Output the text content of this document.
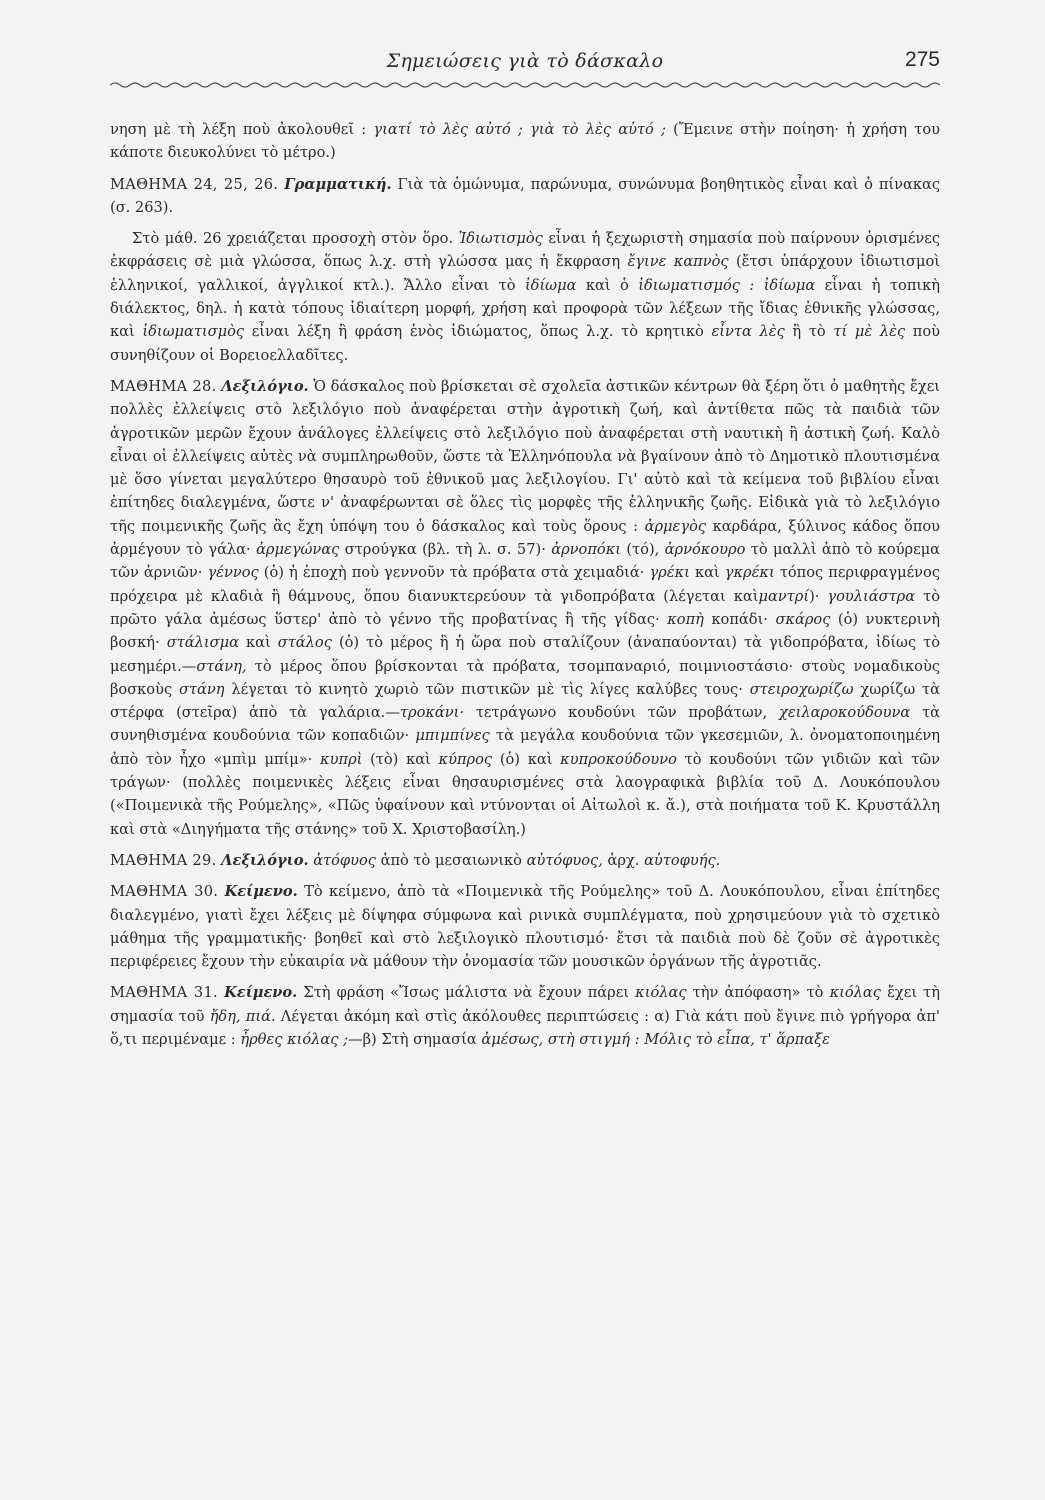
Σημειώσεις γιὰ τὸ δάσκαλο	275

νηση μὲ τὴ λέξη ποὺ ἀκολουθεῖ : γιατί τὸ λὲς αὐτό ; γιὰ τὸ λὲς αὐτό ; (Ἔμεινε στὴν ποίηση· ἡ χρήση του κάποτε διευκολύνει τὸ μέτρο.)

ΜΑΘΗΜΑ 24, 25, 26. Γραμματική. Γιὰ τὰ ὁμώνυμα, παρώνυμα, συνώνυμα βοηθητικὸς εἶναι καὶ ὁ πίνακας (σ. 263).

Στὸ μάθ. 26 χρειάζεται προσοχὴ στὸν ὅρο. Ἰδιωτισμὸς εἶναι ἡ ξεχωριστὴ σημασία ποὺ παίρνουν ὁρισμένες ἐκφράσεις σὲ μιὰ γλώσσα, ὅπως λ.χ. στὴ γλώσσα μας ἡ ἔκφραση ἔγινε καπνὸς (ἔτσι ὑπάρχουν ἰδιωτισμοὶ ἑλληνικοί, γαλλικοί, ἀγγλικοί κτλ.). Ἄλλο εἶναι τὸ ἰδίωμα καὶ ὁ ἰδιωματισμός : ἰδίωμα εἶναι ἡ τοπικὴ διάλεκτος, δηλ. ἡ κατὰ τόπους ἰδιαίτερη μορφή, χρήση καὶ προφορὰ τῶν λέξεων τῆς ἴδιας ἐθνικῆς γλώσσας, καὶ ἰδιωματισμὸς εἶναι λέξη ἢ φράση ἑνὸς ἰδιώματος, ὅπως λ.χ. τὸ κρητικὸ εἶντα λὲς ἢ τὸ τί μὲ λὲς ποὺ συνηθίζουν οἱ Βορειοελλαδῖτες.

ΜΑΘΗΜΑ 28. Λεξιλόγιο. Ὁ δάσκαλος ποὺ βρίσκεται σὲ σχολεῖα ἀστικῶν κέντρων θὰ ξέρη ὅτι ὁ μαθητὴς ἔχει πολλὲς ἐλλείψεις στὸ λεξιλόγιο ποὺ ἀναφέρεται στὴν ἀγροτικὴ ζωή, καὶ ἀντίθετα πῶς τὰ παιδιὰ τῶν ἀγροτικῶν μερῶν ἔχουν ἀνάλογες ἐλλείψεις στὸ λεξιλόγιο ποὺ ἀναφέρεται στὴ ναυτικὴ ἢ ἀστικὴ ζωή. Καλὸ εἶναι οἱ ἐλλείψεις αὐτὲς νὰ συμπληρωθοῦν, ὥστε τὰ Ἑλληνόπουλα νὰ βγαίνουν ἀπὸ τὸ Δημοτικὸ πλουτισμένα μὲ ὅσο γίνεται μεγαλύτερο θησαυρὸ τοῦ ἐθνικοῦ μας λεξιλογίου. Γι' αὐτὸ καὶ τὰ κείμενα τοῦ βιβλίου εἶναι ἐπίτηδες διαλεγμένα, ὥστε ν' ἀναφέρωνται σὲ ὅλες τὶς μορφὲς τῆς ἑλληνικῆς ζωῆς. Εἰδικὰ γιὰ τὸ λεξιλόγιο τῆς ποιμενικῆς ζωῆς ἂς ἔχη ὑπόψη του ὁ δάσκαλος καὶ τοὺς ὅρους : ἀρμεγὸς καρδάρα, ξύλινος κάδος ὅπου ἀρμέγουν τὸ γάλα· ἀρμεγώνας στρούγκα (βλ. τὴ λ. σ. 57)· ἀρνοπόκι (τό), ἀρνόκουρο τὸ μαλλὶ ἀπὸ τὸ κούρεμα τῶν ἀρνιῶν· γέννος (ὁ) ἡ ἐποχὴ ποὺ γεννοῦν τὰ πρόβατα στὰ χειμαδιά· γρέκι καὶ γκρέκι τόπος περιφραγμένος πρόχειρα μὲ κλαδιὰ ἢ θάμνους, ὅπου διανυκτερεύουν τὰ γιδοπρόβατα (λέγεται καὶμαντρί)· γουλιάστρα τὸ πρῶτο γάλα ἀμέσως ὕστερ' ἀπὸ τὸ γέννο τῆς προβατίνας ἢ τῆς γίδας· κοπὴ κοπάδι· σκάρος (ὁ) νυκτερινὴ βοσκή· στάλισμα καὶ στάλος (ὁ) τὸ μέρος ἢ ἡ ὥρα ποὺ σταλίζουν (ἀναπαύονται) τὰ γιδοπρόβατα, ἰδίως τὸ μεσημέρι.—στάνη, τὸ μέρος ὅπου βρίσκονται τὰ πρόβατα, τσομπαναριό, ποιμνιοστάσιο· στοὺς νομαδικοὺς βοσκοὺς στάνη λέγεται τὸ κινητὸ χωριὸ τῶν πιστικῶν μὲ τὶς λίγες καλύβες τους· στειροχωρίζω χωρίζω τὰ στέρφα (στεῖρα) ἀπὸ τὰ γαλάρια.—τροκάνι· τετράγωνο κουδούνι τῶν προβάτων, χειλαροκούδουνα τὰ συνηθισμένα κουδούνια τῶν κοπαδιῶν· μπιμπίνες τὰ μεγάλα κουδούνια τῶν γκεσεμιῶν, λ. ὀνοματοποιημένη ἀπὸ τὸν ἦχο «μπὶμ μπίμ»· κυπρὶ (τὸ) καὶ κύπρος (ὁ) καὶ κυπροκούδουνο τὸ κουδούνι τῶν γιδιῶν καὶ τῶν τράγων· (πολλὲς ποιμενικὲς λέξεις εἶναι θησαυρισμένες στὰ λαογραφικὰ βιβλία τοῦ Δ. Λουκόπουλου («Ποιμενικὰ τῆς Ρούμελης», «Πῶς ὑφαίνουν καὶ ντύνονται οἱ Αἰτωλοὶ κ. ἄ.), στὰ ποιήματα τοῦ Κ. Κρυστάλλη καὶ στὰ «Διηγήματα τῆς στάνης» τοῦ Χ. Χριστοβασίλη.)

ΜΑΘΗΜΑ 29. Λεξιλόγιο. ἀτόφυος ἀπὸ τὸ μεσαιωνικὸ αὐτόφυος, ἀρχ. αὐτοφυής.

ΜΑΘΗΜΑ 30. Κείμενο. Τὸ κείμενο, ἀπὸ τὰ «Ποιμενικὰ τῆς Ρούμελης» τοῦ Δ. Λουκόπουλου, εἶναι ἐπίτηδες διαλεγμένο, γιατὶ ἔχει λέξεις μὲ δίψηφα σύμφωνα καὶ ρινικὰ συμπλέγματα, ποὺ χρησιμεύουν γιὰ τὸ σχετικὸ μάθημα τῆς γραμματικῆς· βοηθεῖ καὶ στὸ λεξιλογικὸ πλουτισμό· ἔτσι τὰ παιδιὰ ποὺ δὲ ζοῦν σὲ ἀγροτικὲς περιφέρειες ἔχουν τὴν εὐκαιρία νὰ μάθουν τὴν ὀνομασία τῶν μουσικῶν ὀργάνων τῆς ἀγροτιᾶς.

ΜΑΘΗΜΑ 31. Κείμενο. Στὴ φράση «Ἴσως μάλιστα νὰ ἔχουν πάρει κιόλας τὴν ἀπόφαση» τὸ κιόλας ἔχει τὴ σημασία τοῦ ἤδη, πιά. Λέγεται ἀκόμη καὶ στὶς ἀκόλουθες περιπτώσεις : α) Γιὰ κάτι ποὺ ἔγινε πιὸ γρήγορα ἀπ' ὅ,τι περιμέναμε : ἦρθες κιόλας ;—β) Στὴ σημασία ἀμέσως, στὴ στιγμή : Μόλις τὸ εἶπα, τ' ἅρπαξε
